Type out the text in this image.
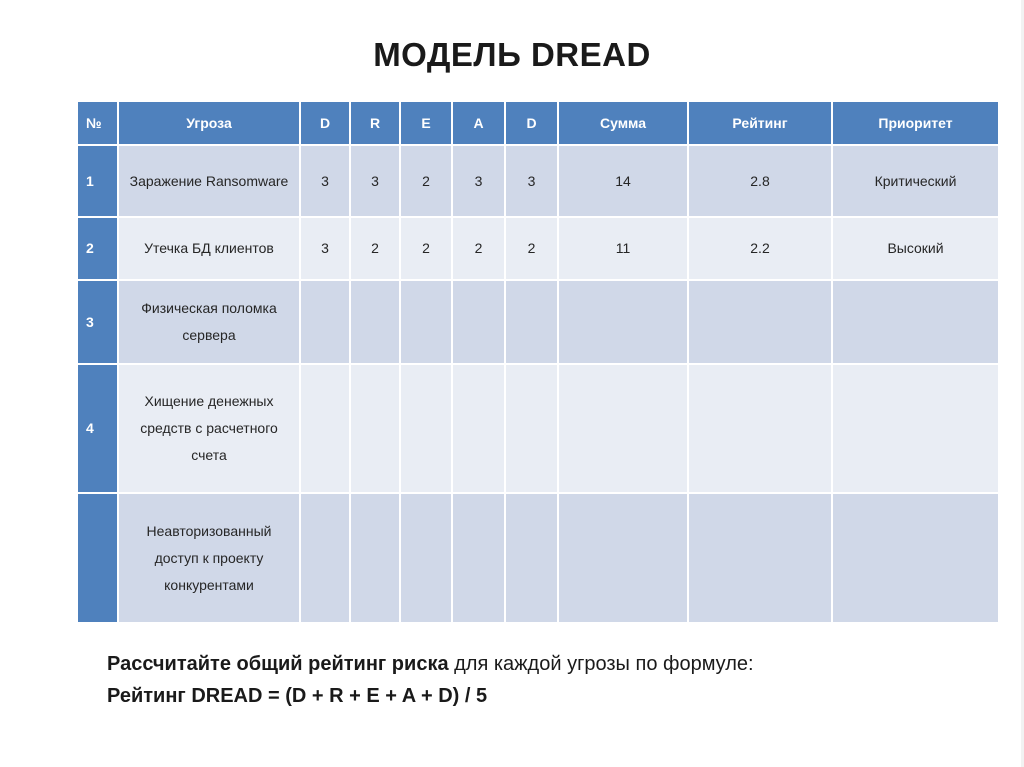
МОДЕЛЬ DREAD
№	Угроза	D	R	E	A	D	Сумма	Рейтинг	Приоритет
1	Заражение Ransomware	3	3	2	3	3	14	2.8	Критический
2	Утечка БД клиентов	3	2	2	2	2	11	2.2	Высокий
3	Физическая поломка сервера								
4	Хищение денежных средств с расчетного счета								
	Неавторизованный доступ к проекту конкурентами								
Рассчитайте общий рейтинг риска для каждой угрозы по формуле:
Рейтинг DREAD = (D + R + E + A + D) / 5
